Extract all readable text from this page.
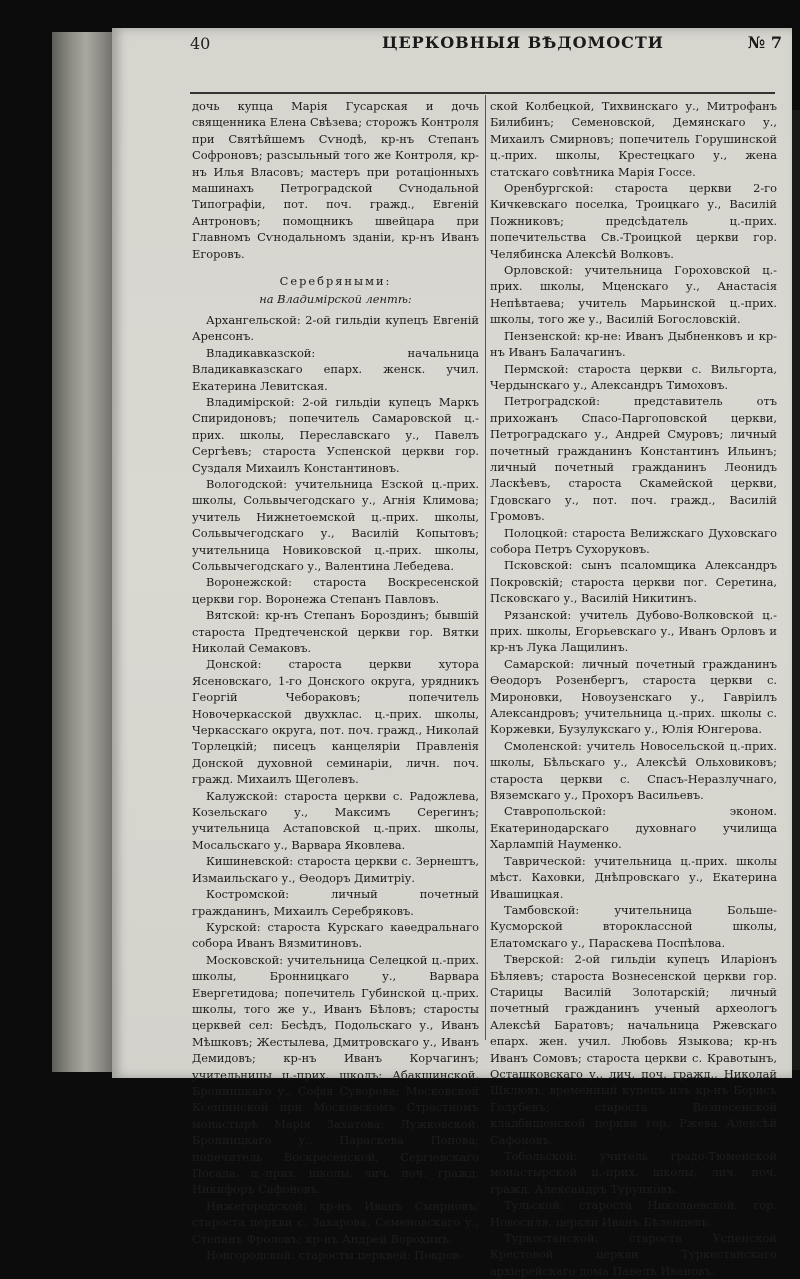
40	ЦЕРКОВНЫЯ ВѢДОМОСТИ	№ 7

дочь купца Марія Гусарская и дочь священника Елена Свѣзева; сторожъ Контроля при Святѣйшемъ Сѵнодѣ, кр-нъ Степанъ Софроновъ; разсыльный того же Контроля, кр-нъ Илья Власовъ; мастеръ при ротаціонныхъ машинахъ Петроградской Сѵнодальной Типографіи, пот. поч. гражд., Евгеній Антроновъ; помощникъ швейцара при Главномъ Сѵнодальномъ зданіи, кр-нъ Иванъ Егоровъ.

Серебряными:

на Владимірской лентѣ:

Архангельской: 2-ой гильдіи купецъ Евгеній Аренсонъ.

Владикавказской: начальница Владикавказскаго епарх. женск. учил. Екатерина Левитская.

Владимірской: 2-ой гильдіи купецъ Маркъ Спиридоновъ; попечитель Самаровской ц.-прих. школы, Переславскаго у., Павелъ Сергѣевъ; староста Успенской церкви гор. Суздаля Михаилъ Константиновъ.

Вологодской: учительница Езской ц.-прих. школы, Сольвычегодскаго у., Агнія Климова; учитель Нижнетоемской ц.-прих. школы, Сольвычегодскаго у., Василій Копытовъ; учительница Новиковской ц.-прих. школы, Сольвычегодскаго у., Валентина Лебедева.

Воронежской: староста Воскресенской церкви гор. Воронежа Степанъ Павловъ.

Вятской: кр-нъ Степанъ Бороздинъ; бывшій староста Предтеченской церкви гор. Вятки Николай Семаковъ.

Донской: староста церкви хутора Ясеновскаго, 1-го Донского округа, урядникъ Георгій Чебораковъ; попечитель Новочеркасской двухклас. ц.-прих. школы, Черкасскаго округа, пот. поч. гражд., Николай Торлецкій; писецъ канцеляріи Правленія Донской духовной семинаріи, личн. поч. гражд. Михаилъ Щеголевъ.

Калужской: староста церкви с. Радожлева, Козельскаго у., Максимъ Серегинъ; учительница Астаповской ц.-прих. школы, Мосальскаго у., Варвара Яковлева.

Кишиневской: староста церкви с. Зернештъ, Измаильскаго у., Ѳеодоръ Димитріу.

Костромской: личный почетный гражданинъ, Михаилъ Серебряковъ.

Курской: староста Курскаго каѳедральнаго собора Иванъ Вязмитиновъ.

Московской: учительница Селецкой ц.-прих. школы, Бронницкаго у., Варвара Евергетидова; попечитель Губинской ц.-прих. школы, того же у., Иванъ Бѣловъ; старосты церквей сел: Бесѣдъ, Подольскаго у., Иванъ Мѣшковъ; Жестылева, Дмитровскаго у., Иванъ Демидовъ; кр-нъ Иванъ Корчагинъ; учительницы ц.-прих. школъ: Абакшинской, Бронницкаго у., Софія Суворова; Московской Ксеніинской при Московскомъ Страстномъ монастырѣ Марія Захатова; Лужковской, Бронницкаго у., Параскева Попова; попечитель Воскресенской, Сергіевскаго Посада, ц.-прих. школы, лич. поч. гражд. Никифоръ Сафоновъ.

Нижегородской: кр-нъ Иванъ Смирновъ; староста церкви с. Захарова, Семеновскаго у., Степанъ Фроловъ; кр-нъ Андрей Ворохинъ.

Новгородской: старосты церквей: Покров-

ской Колбецкой, Тихвинскаго у., Митрофанъ Билибинъ; Семеновской, Демянскаго у., Михаилъ Смирновъ; попечитель Горушинской ц.-прих. школы, Крестецкаго у., жена статскаго совѣтника Марія Госсе.

Оренбургской: староста церкви 2-го Кичкевскаго поселка, Троицкаго у., Василій Пожниковъ; предсѣдатель ц.-прих. попечительства Св.-Троицкой церкви гор. Челябинска Алексѣй Волковъ.

Орловской: учительница Гороховской ц.-прих. школы, Мценскаго у., Анастасія Непѣвтаева; учитель Марьинской ц.-прих. школы, того же у., Василій Богословскій.

Пензенской: кр-не: Иванъ Дыбненковъ и кр-нъ Иванъ Балачагинъ.

Пермской: староста церкви с. Вильгорта, Чердынскаго у., Александръ Тимоховъ.

Петроградской: представитель отъ прихожанъ Спасо-Паргоповской церкви, Петроградскаго у., Андрей Смуровъ; личный почетный гражданинъ Константинъ Ильинъ; личный почетный гражданинъ Леонидъ Ласкѣевъ, староста Скамейской церкви, Гдовскаго у., пот. поч. гражд., Василій Громовъ.

Полоцкой: староста Велижскаго Духовскаго собора Петръ Сухоруковъ.

Псковской: сынъ псаломщика Александръ Покровскій; староста церкви пог. Серетина, Псковскаго у., Василій Никитинъ.

Рязанской: учитель Дубово-Волковской ц.-прих. школы, Егорьевскаго у., Иванъ Орловъ и кр-нъ Лука Лащилинъ.

Самарской: личный почетный гражданинъ Ѳеодоръ Розенбергъ, староста церкви с. Мироновки, Новоузенскаго у., Гавріилъ Александровъ; учительница ц.-прих. школы с. Коржевки, Бузулукскаго у., Юлія Юнгерова.

Смоленской: учитель Новосельской ц.-прих. школы, Бѣльскаго у., Алексѣй Ольховиковъ; староста церкви с. Спасъ-Неразлучнаго, Вяземскаго у., Прохоръ Васильевъ.

Ставропольской: эконом. Екатеринодарскаго духовнаго училища Харлампій Науменко.

Таврической: учительница ц.-прих. школы мѣст. Каховки, Днѣпровскаго у., Екатерина Ивашицкая.

Тамбовской: учительница Больше-Кусморской второклассной школы, Елатомскаго у., Параскева Поспѣлова.

Тверской: 2-ой гильдіи купецъ Иларіонъ Бѣляевъ; староста Вознесенской церкви гор. Старицы Василій Золотарскій; личный почетный гражданинъ ученый археологъ Алексѣй Баратовъ; начальница Ржевскаго епарх. жен. учил. Любовь Языкова; кр-нъ Иванъ Сомовъ; староста церкви с. Кравотынъ, Осташковскаго у., лич. поч. гражд., Николай Шклювъ; временный купецъ изъ кр-нъ Борисъ Голубевъ; староста Вознесенской кладбищенской церкви гор. Ржева Алексѣй Сафоновъ.

Тобольской: учитель градо-Тюменской монастырской ц.-прих. школы, лич. поч. гражд. Александръ Турунковъ.

Тульской: староста Николаевской, гор. Новосиля, церкви Иванъ Бѣленцевъ.

Туркестанской: староста Успенской Крестовой церкви Туркестанскаго архіерейскаго дома Павелъ Ивановъ.
